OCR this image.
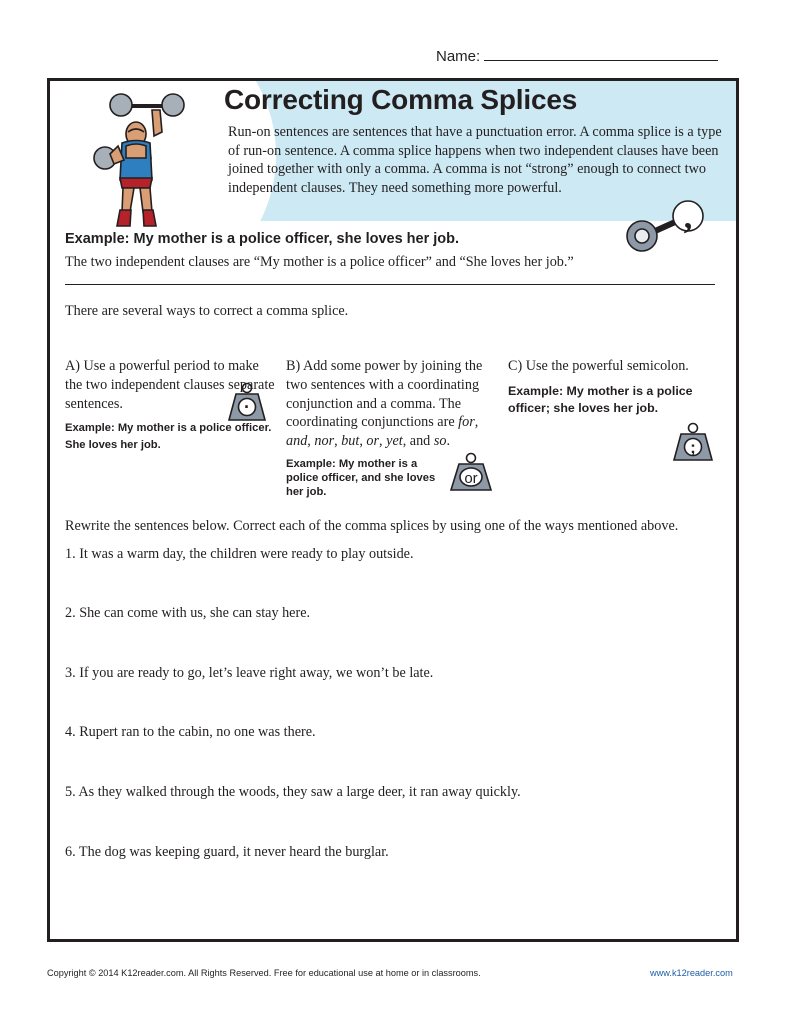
Name:
Correcting Comma Splices
Run-on sentences are sentences that have a punctuation error. A comma splice is a type of run-on sentence. A comma splice happens when two independent clauses have been joined together with only a comma. A comma is not “strong” enough to connect two independent clauses. They need something more powerful.
,
Example: My mother is a police officer, she loves her job.
The two independent clauses are “My mother is a police officer” and “She loves her job.”
There are several ways to correct a comma splice.
A) Use a powerful period to make the two independent clauses separate sentences.
Example: My mother is a police officer. She loves her job.
·
B) Add some power by joining the two sentences with a coordinating conjunction and a comma. The coordinating conjunctions are for, and, nor, but, or, yet, and so.
Example: My mother is a police officer, and she loves her job.
or
C) Use the powerful semicolon.
Example: My mother is a police officer; she loves her job.
;
Rewrite the sentences below. Correct each of the comma splices by using one of the ways mentioned above.
1. It was a warm day, the children were ready to play outside.
2. She can come with us, she can stay here.
3. If you are ready to go, let’s leave right away, we won’t be late.
4. Rupert ran to the cabin, no one was there.
5. As they walked through the woods, they saw a large deer, it ran away quickly.
6. The dog was keeping guard, it never heard the burglar.
Copyright © 2014 K12reader.com. All Rights Reserved. Free for educational use at home or in classrooms.	www.k12reader.com
